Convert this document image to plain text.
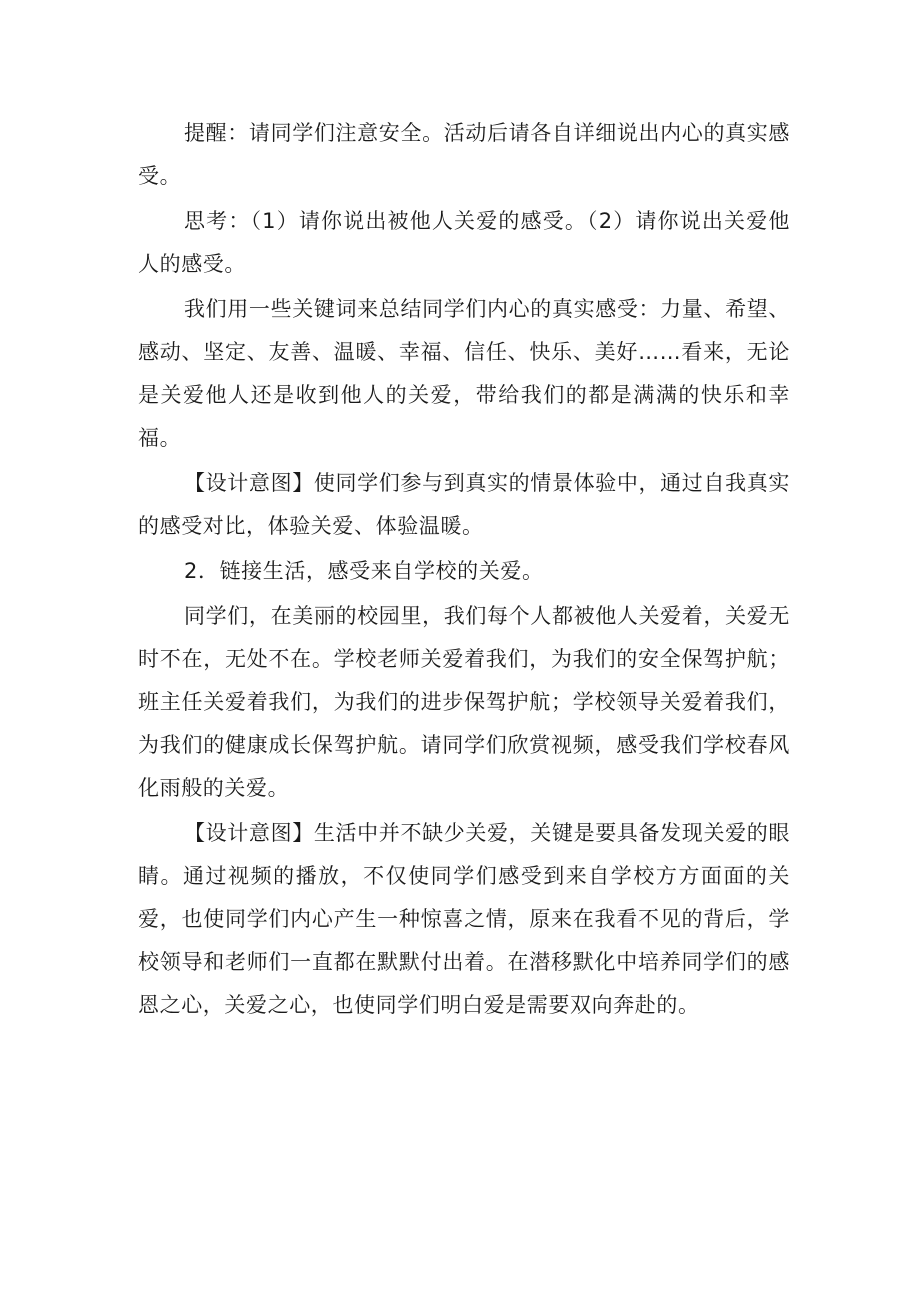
提醒：请同学们注意安全。活动后请各自详细说出内心的真实感受。

思考：（1）请你说出被他人关爱的感受。（2）请你说出关爱他人的感受。

我们用一些关键词来总结同学们内心的真实感受：力量、希望、感动、坚定、友善、温暖、幸福、信任、快乐、美好……看来，无论是关爱他人还是收到他人的关爱，带给我们的都是满满的快乐和幸福。

【设计意图】使同学们参与到真实的情景体验中，通过自我真实的感受对比，体验关爱、体验温暖。

2．链接生活，感受来自学校的关爱。

同学们，在美丽的校园里，我们每个人都被他人关爱着，关爱无时不在，无处不在。学校老师关爱着我们，为我们的安全保驾护航；班主任关爱着我们，为我们的进步保驾护航；学校领导关爱着我们，为我们的健康成长保驾护航。请同学们欣赏视频，感受我们学校春风化雨般的关爱。

【设计意图】生活中并不缺少关爱，关键是要具备发现关爱的眼睛。通过视频的播放，不仅使同学们感受到来自学校方方面面的关爱，也使同学们内心产生一种惊喜之情，原来在我看不见的背后，学校领导和老师们一直都在默默付出着。在潜移默化中培养同学们的感恩之心，关爱之心，也使同学们明白爱是需要双向奔赴的。
